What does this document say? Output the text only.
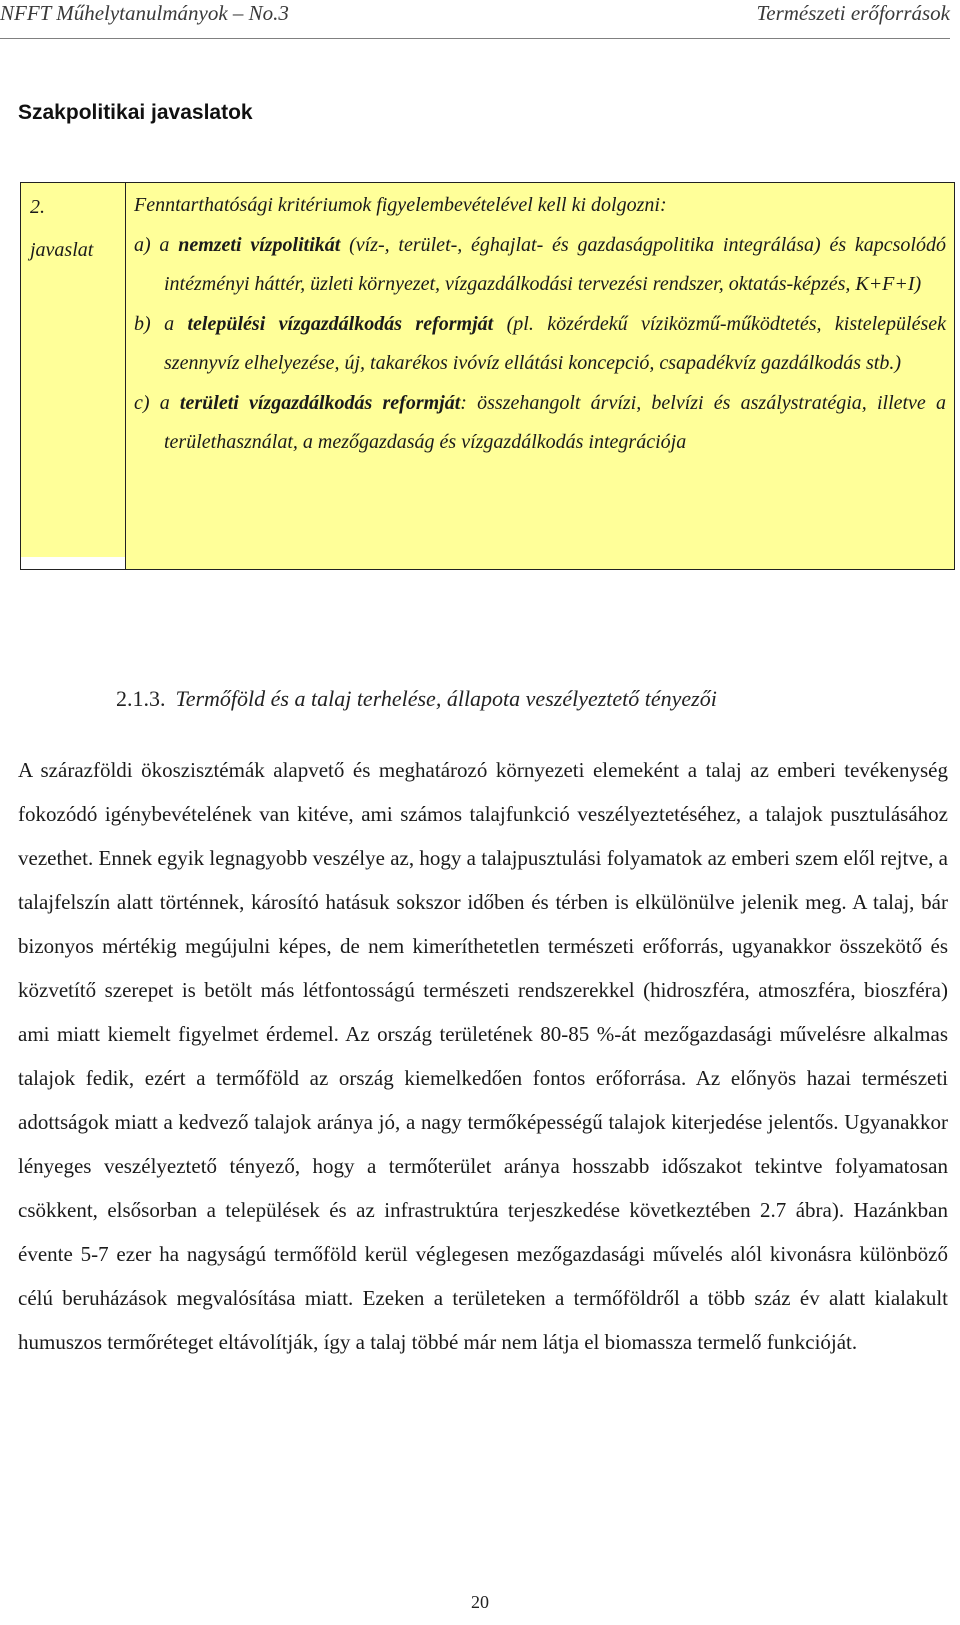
NFFT Műhelytanulmányok – No.3	Természeti erőforrások
Szakpolitikai javaslatok
2.
javaslat
Fenntarthatósági kritériumok figyelembevételével kell ki dolgozni:
a) a nemzeti vízpolitikát (víz-, terület-, éghajlat- és gazdaságpolitika integrálása) és kapcsolódó intézményi háttér, üzleti környezet, vízgazdálkodási tervezési rendszer, oktatás-képzés, K+F+I)
b) a települési vízgazdálkodás reformját (pl. közérdekű víziközmű-működtetés, kistelepülések szennyvíz elhelyezése, új, takarékos ivóvíz ellátási koncepció, csapadékvíz gazdálkodás stb.)
c) a területi vízgazdálkodás reformját: összehangolt árvízi, belvízi és aszálystratégia, illetve a területhasználat, a mezőgazdaság és vízgazdálkodás integrációja
2.1.3. Termőföld és a talaj terhelése, állapota veszélyeztető tényezői
A szárazföldi ökoszisztémák alapvető és meghatározó környezeti elemeként a talaj az emberi tevékenység fokozódó igénybevételének van kitéve, ami számos talajfunkció veszélyeztetéséhez, a talajok pusztulásához vezethet. Ennek egyik legnagyobb veszélye az, hogy a talajpusztulási folyamatok az emberi szem elől rejtve, a talajfelszín alatt történnek, károsító hatásuk sokszor időben és térben is elkülönülve jelenik meg. A talaj, bár bizonyos mértékig megújulni képes, de nem kimeríthetetlen természeti erőforrás, ugyanakkor összekötő és közvetítő szerepet is betölt más létfontosságú természeti rendszerekkel (hidroszféra, atmoszféra, bioszféra) ami miatt kiemelt figyelmet érdemel. Az ország területének 80-85 %-át mezőgazdasági művelésre alkalmas talajok fedik, ezért a termőföld az ország kiemelkedően fontos erőforrása. Az előnyös hazai természeti adottságok miatt a kedvező talajok aránya jó, a nagy termőképességű talajok kiterjedése jelentős. Ugyanakkor lényeges veszélyeztető tényező, hogy a termőterület aránya hosszabb időszakot tekintve folyamatosan csökkent, elsősorban a települések és az infrastruktúra terjeszkedése következtében 2.7 ábra). Hazánkban évente 5-7 ezer ha nagyságú termőföld kerül véglegesen mezőgazdasági művelés alól kivonásra különböző célú beruházások megvalósítása miatt. Ezeken a területeken a termőföldről a több száz év alatt kialakult humuszos termőréteget eltávolítják, így a talaj többé már nem látja el biomassza termelő funkcióját.
20
